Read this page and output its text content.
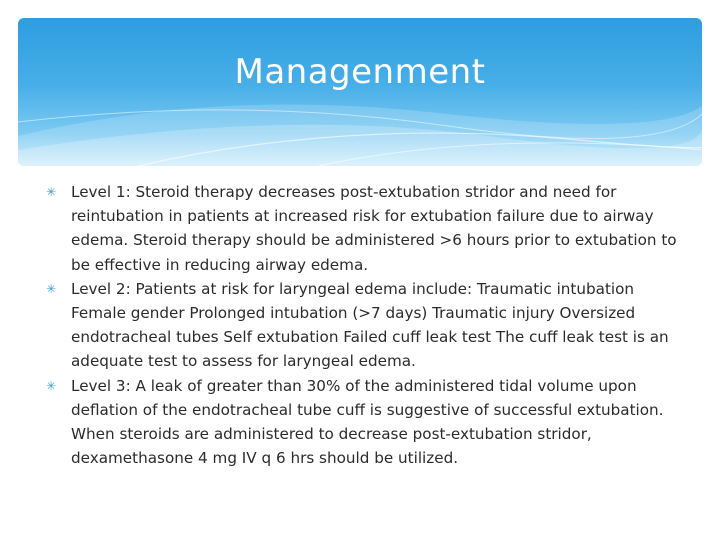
Managenment

✳ Level 1: Steroid therapy decreases post-extubation stridor and need for reintubation in patients at increased risk for extubation failure due to airway edema. Steroid therapy should be administered >6 hours prior to extubation to be effective in reducing airway edema.

✳ Level 2: Patients at risk for laryngeal edema include: Traumatic intubation Female gender Prolonged intubation (>7 days) Traumatic injury Oversized endotracheal tubes Self extubation Failed cuff leak test The cuff leak test is an adequate test to assess for laryngeal edema.

✳ Level 3: A leak of greater than 30% of the administered tidal volume upon deflation of the endotracheal tube cuff is suggestive of successful extubation. When steroids are administered to decrease post-extubation stridor, dexamethasone 4 mg IV q 6 hrs should be utilized.
